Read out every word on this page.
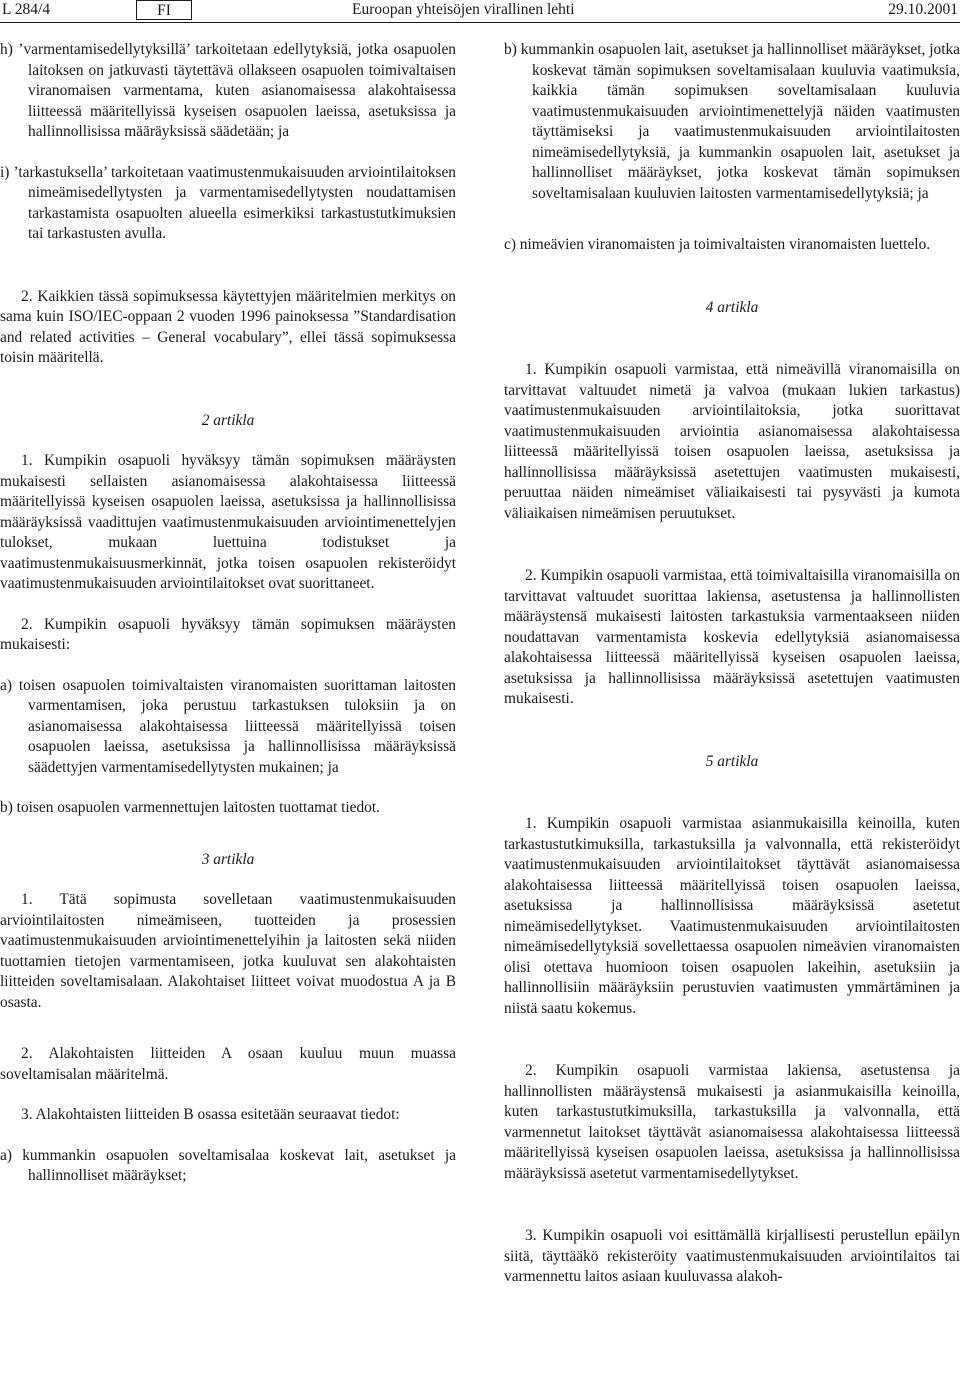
L 284/4	FI	Euroopan yhteisöjen virallinen lehti	29.10.2001

h) ’varmentamisedellytyksillä’ tarkoitetaan edellytyksiä, jotka osapuolen laitoksen on jatkuvasti täytettävä ollakseen osapuolen toimivaltaisen viranomaisen varmentama, kuten asianomaisessa alakohtaisessa liitteessä määritellyissä kyseisen osapuolen laeissa, asetuksissa ja hallinnollisissa määräyksissä säädetään; ja

i) ’tarkastuksella’ tarkoitetaan vaatimustenmukaisuuden arviointilaitoksen nimeämisedellytysten ja varmentamisedellytysten noudattamisen tarkastamista osapuolten alueella esimerkiksi tarkastustutkimuksien tai tarkastusten avulla.

2. Kaikkien tässä sopimuksessa käytettyjen määritelmien merkitys on sama kuin ISO/IEC-oppaan 2 vuoden 1996 painoksessa ”Standardisation and related activities – General vocabulary”, ellei tässä sopimuksessa toisin määritellä.

2 artikla

1. Kumpikin osapuoli hyväksyy tämän sopimuksen määräysten mukaisesti sellaisten asianomaisessa alakohtaisessa liitteessä määritellyissä kyseisen osapuolen laeissa, asetuksissa ja hallinnollisissa määräyksissä vaadittujen vaatimustenmukaisuuden arviointimenettelyjen tulokset, mukaan luettuina todistukset ja vaatimustenmukaisuusmerkinnät, jotka toisen osapuolen rekisteröidyt vaatimustenmukaisuuden arviointilaitokset ovat suorittaneet.

2. Kumpikin osapuoli hyväksyy tämän sopimuksen määräysten mukaisesti:

a) toisen osapuolen toimivaltaisten viranomaisten suorittaman laitosten varmentamisen, joka perustuu tarkastuksen tuloksiin ja on asianomaisessa alakohtaisessa liitteessä määritellyissä toisen osapuolen laeissa, asetuksissa ja hallinnollisissa määräyksissä säädettyjen varmentamisedellytysten mukainen; ja

b) toisen osapuolen varmennettujen laitosten tuottamat tiedot.

3 artikla

1. Tätä sopimusta sovelletaan vaatimustenmukaisuuden arviointilaitosten nimeämiseen, tuotteiden ja prosessien vaatimustenmukaisuuden arviointimenettelyihin ja laitosten sekä niiden tuottamien tietojen varmentamiseen, jotka kuuluvat sen alakohtaisten liitteiden soveltamisalaan. Alakohtaiset liitteet voivat muodostua A ja B osasta.

2. Alakohtaisten liitteiden A osaan kuuluu muun muassa soveltamisalan määritelmä.

3. Alakohtaisten liitteiden B osassa esitetään seuraavat tiedot:

a) kummankin osapuolen soveltamisalaa koskevat lait, asetukset ja hallinnolliset määräykset;

b) kummankin osapuolen lait, asetukset ja hallinnolliset määräykset, jotka koskevat tämän sopimuksen soveltamisalaan kuuluvia vaatimuksia, kaikkia tämän sopimuksen soveltamisalaan kuuluvia vaatimustenmukaisuuden arviointimenettelyjä näiden vaatimusten täyttämiseksi ja vaatimustenmukaisuuden arviointilaitosten nimeämisedellytyksiä, ja kummankin osapuolen lait, asetukset ja hallinnolliset määräykset, jotka koskevat tämän sopimuksen soveltamisalaan kuuluvien laitosten varmentamisedellytyksiä; ja

c) nimeävien viranomaisten ja toimivaltaisten viranomaisten luettelo.

4 artikla

1. Kumpikin osapuoli varmistaa, että nimeävillä viranomaisilla on tarvittavat valtuudet nimetä ja valvoa (mukaan lukien tarkastus) vaatimustenmukaisuuden arviointilaitoksia, jotka suorittavat vaatimustenmukaisuuden arviointia asianomaisessa alakohtaisessa liitteessä määritellyissä toisen osapuolen laeissa, asetuksissa ja hallinnollisissa määräyksissä asetettujen vaatimusten mukaisesti, peruuttaa näiden nimeämiset väliaikaisesti tai pysyvästi ja kumota väliaikaisen nimeämisen peruutukset.

2. Kumpikin osapuoli varmistaa, että toimivaltaisilla viranomaisilla on tarvittavat valtuudet suorittaa lakiensa, asetustensa ja hallinnollisten määräystensä mukaisesti laitosten tarkastuksia varmentaakseen niiden noudattavan varmentamista koskevia edellytyksiä asianomaisessa alakohtaisessa liitteessä määritellyissä kyseisen osapuolen laeissa, asetuksissa ja hallinnollisissa määräyksissä asetettujen vaatimusten mukaisesti.

5 artikla

1. Kumpikin osapuoli varmistaa asianmukaisilla keinoilla, kuten tarkastustutkimuksilla, tarkastuksilla ja valvonnalla, että rekisteröidyt vaatimustenmukaisuuden arviointilaitokset täyttävät asianomaisessa alakohtaisessa liitteessä määritellyissä toisen osapuolen laeissa, asetuksissa ja hallinnollisissa määräyksissä asetetut nimeämisedellytykset. Vaatimustenmukaisuuden arviointilaitosten nimeämisedellytyksiä sovellettaessa osapuolen nimeävien viranomaisten olisi otettava huomioon toisen osapuolen lakeihin, asetuksiin ja hallinnollisiin määräyksiin perustuvien vaatimusten ymmärtäminen ja niistä saatu kokemus.

2. Kumpikin osapuoli varmistaa lakiensa, asetustensa ja hallinnollisten määräystensä mukaisesti ja asianmukaisilla keinoilla, kuten tarkastustutkimuksilla, tarkastuksilla ja valvonnalla, että varmennetut laitokset täyttävät asianomaisessa alakohtaisessa liitteessä määritellyissä kyseisen osapuolen laeissa, asetuksissa ja hallinnollisissa määräyksissä asetetut varmentamisedellytykset.

3. Kumpikin osapuoli voi esittämällä kirjallisesti perustellun epäilyn siitä, täyttääkö rekisteröity vaatimustenmukaisuuden arviointilaitos tai varmennettu laitos asiaan kuuluvassa alakoh-
